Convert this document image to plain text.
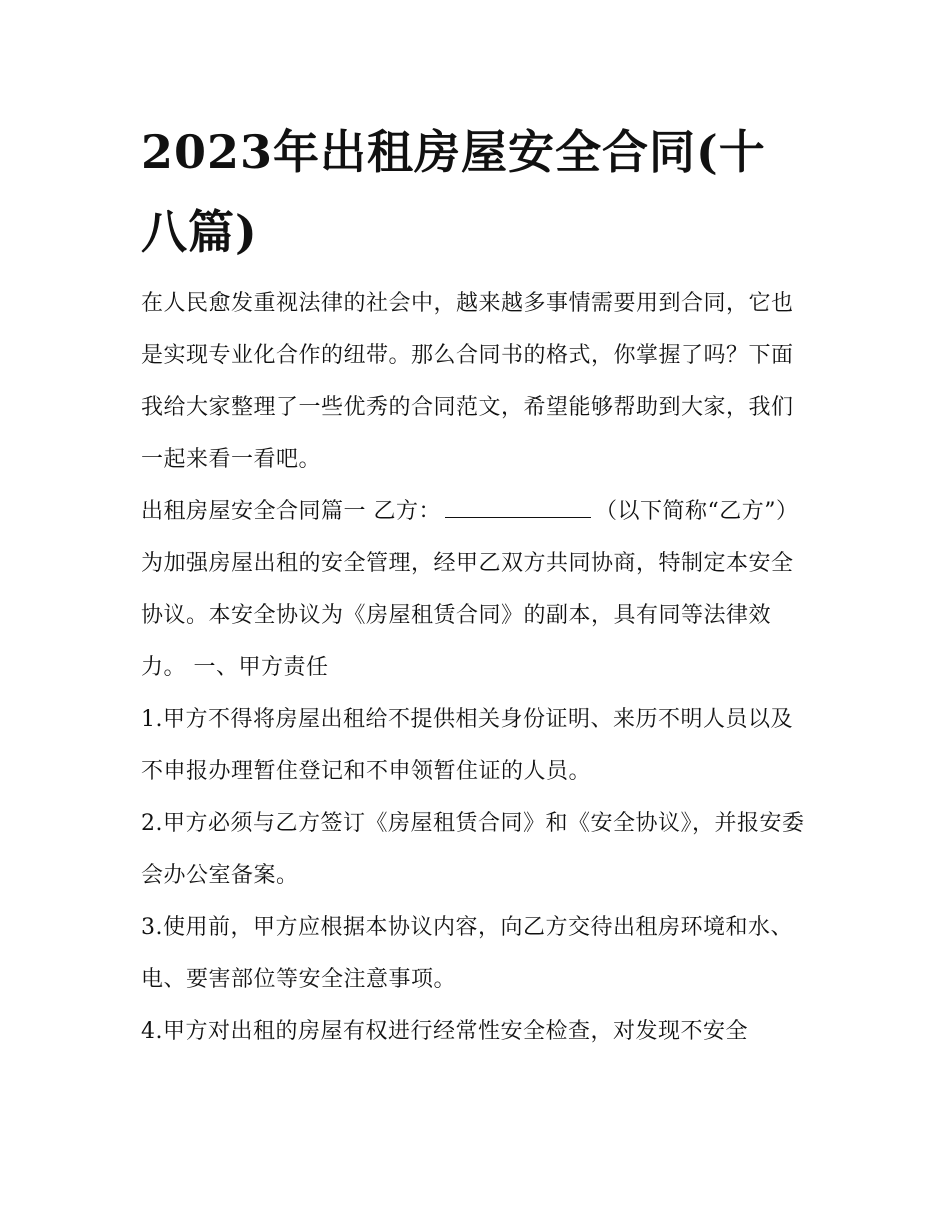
2023年出租房屋安全合同(十八篇)

在人民愈发重视法律的社会中，越来越多事情需要用到合同，它也是实现专业化合作的纽带。那么合同书的格式，你掌握了吗？下面我给大家整理了一些优秀的合同范文，希望能够帮助到大家，我们一起来看一看吧。

出租房屋安全合同篇一 乙方：	（以下简称“乙方”）

为加强房屋出租的安全管理，经甲乙双方共同协商，特制定本安全协议。本安全协议为《房屋租赁合同》的副本，具有同等法律效力。 一、甲方责任

1.甲方不得将房屋出租给不提供相关身份证明、来历不明人员以及不申报办理暂住登记和不申领暂住证的人员。

2.甲方必须与乙方签订《房屋租赁合同》和《安全协议》，并报安委会办公室备案。

3.使用前，甲方应根据本协议内容，向乙方交待出租房环境和水、电、要害部位等安全注意事项。

4.甲方对出租的房屋有权进行经常性安全检查，对发现不安全
